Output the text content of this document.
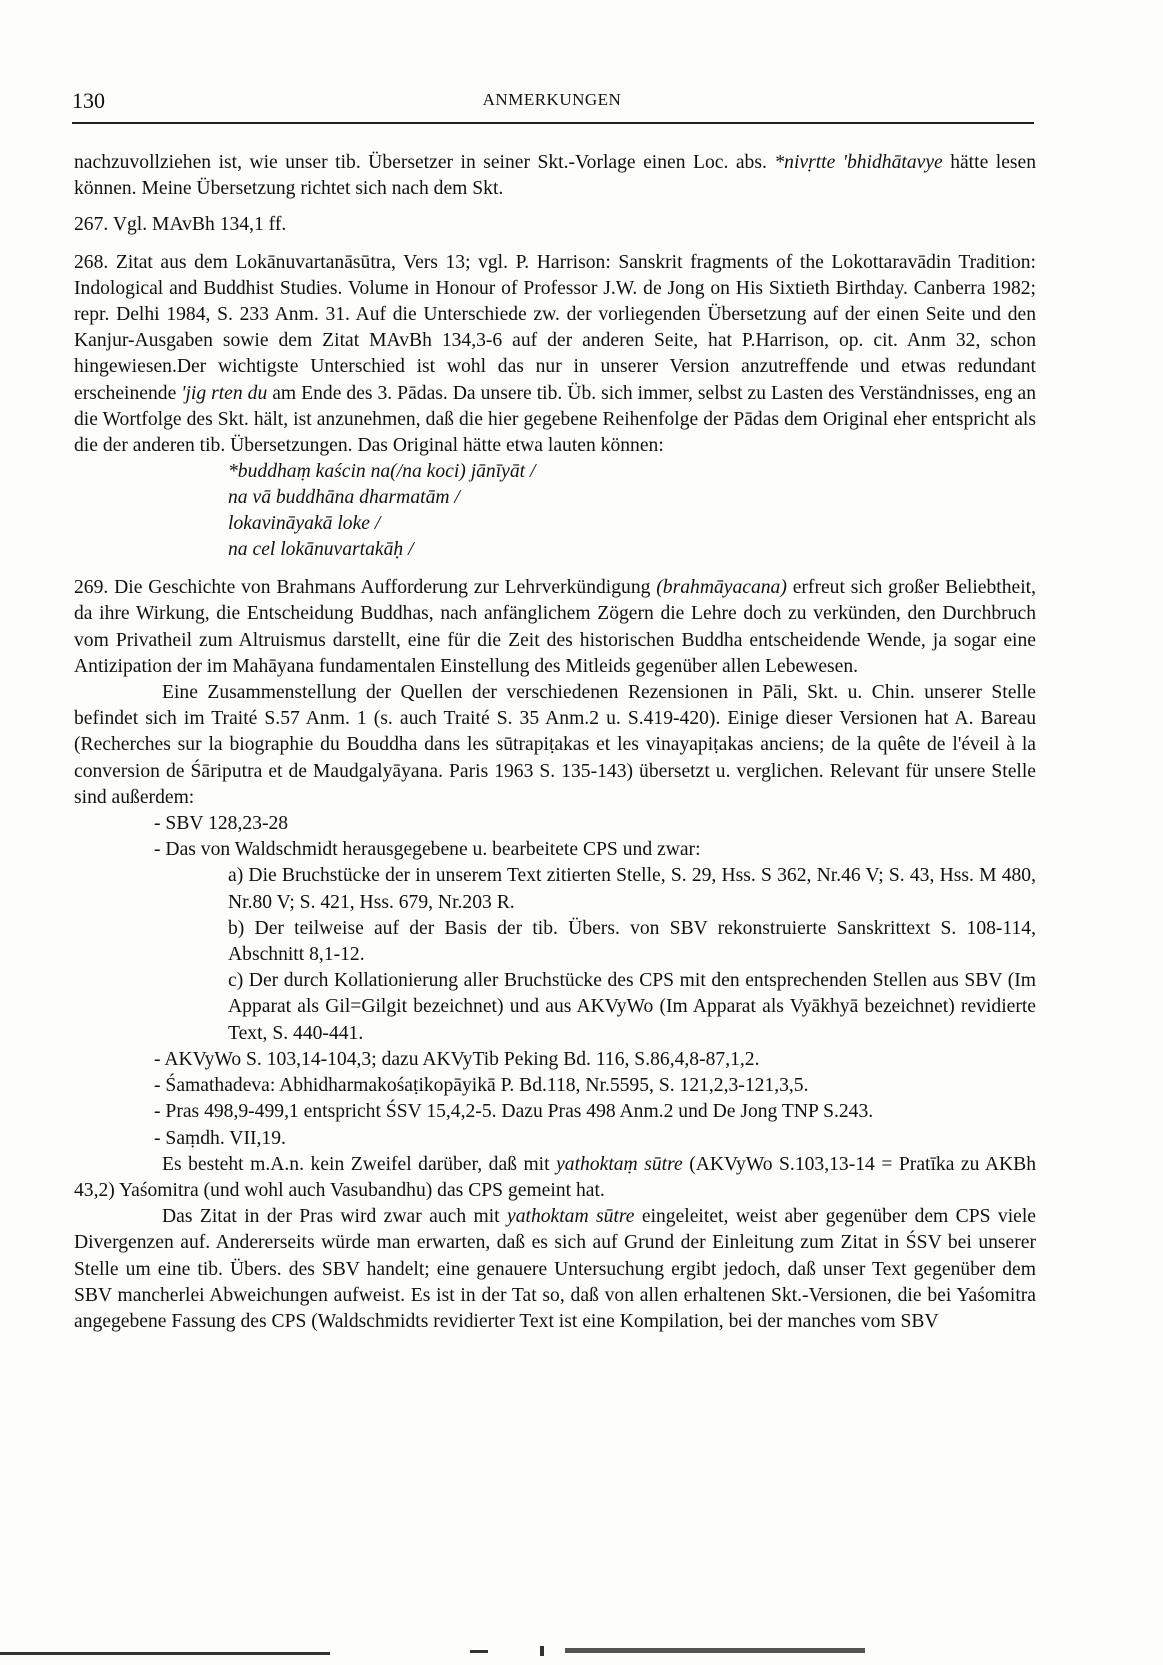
130	ANMERKUNGEN

nachzuvollziehen ist, wie unser tib. Übersetzer in seiner Skt.-Vorlage einen Loc. abs. *nivṛtte 'bhidhātavye hätte lesen können. Meine Übersetzung richtet sich nach dem Skt.

267. Vgl. MAvBh 134,1 ff.

268. Zitat aus dem Lokānuvartanāsūtra, Vers 13; vgl. P. Harrison: Sanskrit fragments of the Lokottaravādin Tradition: Indological and Buddhist Studies. Volume in Honour of Professor J.W. de Jong on His Sixtieth Birthday. Canberra 1982; repr. Delhi 1984, S. 233 Anm. 31. Auf die Unterschiede zw. der vorliegenden Übersetzung auf der einen Seite und den Kanjur-Ausgaben sowie dem Zitat MAvBh 134,3-6 auf der anderen Seite, hat P.Harrison, op. cit. Anm 32, schon hingewiesen.Der wichtigste Unterschied ist wohl das nur in unserer Version anzutreffende und etwas redundant erscheinende 'jig rten du am Ende des 3. Pādas. Da unsere tib. Üb. sich immer, selbst zu Lasten des Verständnisses, eng an die Wortfolge des Skt. hält, ist anzunehmen, daß die hier gegebene Reihenfolge der Pādas dem Original eher entspricht als die der anderen tib. Übersetzungen. Das Original hätte etwa lauten können:

*buddhaṃ kaścin na(/na koci) jānīyāt /
na vā buddhāna dharmatām /
lokavināyakā loke /
na cel lokānuvartakāḥ /

269. Die Geschichte von Brahmans Aufforderung zur Lehrverkündigung (brahmāyacana) erfreut sich großer Beliebtheit, da ihre Wirkung, die Entscheidung Buddhas, nach anfänglichem Zögern die Lehre doch zu verkünden, den Durchbruch vom Privatheil zum Altruismus darstellt, eine für die Zeit des historischen Buddha entscheidende Wende, ja sogar eine Antizipation der im Mahāyana fundamentalen Einstellung des Mitleids gegenüber allen Lebewesen.

Eine Zusammenstellung der Quellen der verschiedenen Rezensionen in Pāli, Skt. u. Chin. unserer Stelle befindet sich im Traité S.57 Anm. 1 (s. auch Traité S. 35 Anm.2 u. S.419-420). Einige dieser Versionen hat A. Bareau (Recherches sur la biographie du Bouddha dans les sūtrapiṭakas et les vinayapiṭakas anciens; de la quête de l'éveil à la conversion de Śāriputra et de Maudgalyāyana. Paris 1963 S. 135-143) übersetzt u. verglichen. Relevant für unsere Stelle sind außerdem:

- SBV 128,23-28
- Das von Waldschmidt herausgegebene u. bearbeitete CPS und zwar:

a) Die Bruchstücke der in unserem Text zitierten Stelle, S. 29, Hss. S 362, Nr.46 V; S. 43, Hss. M 480, Nr.80 V; S. 421, Hss. 679, Nr.203 R.

b) Der teilweise auf der Basis der tib. Übers. von SBV rekonstruierte Sanskrittext S. 108-114, Abschnitt 8,1-12.

c) Der durch Kollationierung aller Bruchstücke des CPS mit den entsprechenden Stellen aus SBV (Im Apparat als Gil=Gilgit bezeichnet) und aus AKVyWo (Im Apparat als Vyākhyā bezeichnet) revidierte Text, S. 440-441.

- AKVyWo S. 103,14-104,3; dazu AKVyTib Peking Bd. 116, S.86,4,8-87,1,2.
- Śamathadeva: Abhidharmakośaṭikopāyikā P. Bd.118, Nr.5595, S. 121,2,3-121,3,5.

- Pras 498,9-499,1 entspricht ŚSV 15,4,2-5. Dazu Pras 498 Anm.2 und De Jong TNP S.243.

- Saṃdh. VII,19.

Es besteht m.A.n. kein Zweifel darüber, daß mit yathoktaṃ sūtre (AKVyWo S.103,13-14 = Pratīka zu AKBh 43,2) Yaśomitra (und wohl auch Vasubandhu) das CPS gemeint hat.

Das Zitat in der Pras wird zwar auch mit yathoktam sūtre eingeleitet, weist aber gegenüber dem CPS viele Divergenzen auf. Andererseits würde man erwarten, daß es sich auf Grund der Einleitung zum Zitat in ŚSV bei unserer Stelle um eine tib. Übers. des SBV handelt; eine genauere Untersuchung ergibt jedoch, daß unser Text gegenüber dem SBV mancherlei Abweichungen aufweist. Es ist in der Tat so, daß von allen erhaltenen Skt.-Versionen, die bei Yaśomitra angegebene Fassung des CPS (Waldschmidts revidierter Text ist eine Kompilation, bei der manches vom SBV
